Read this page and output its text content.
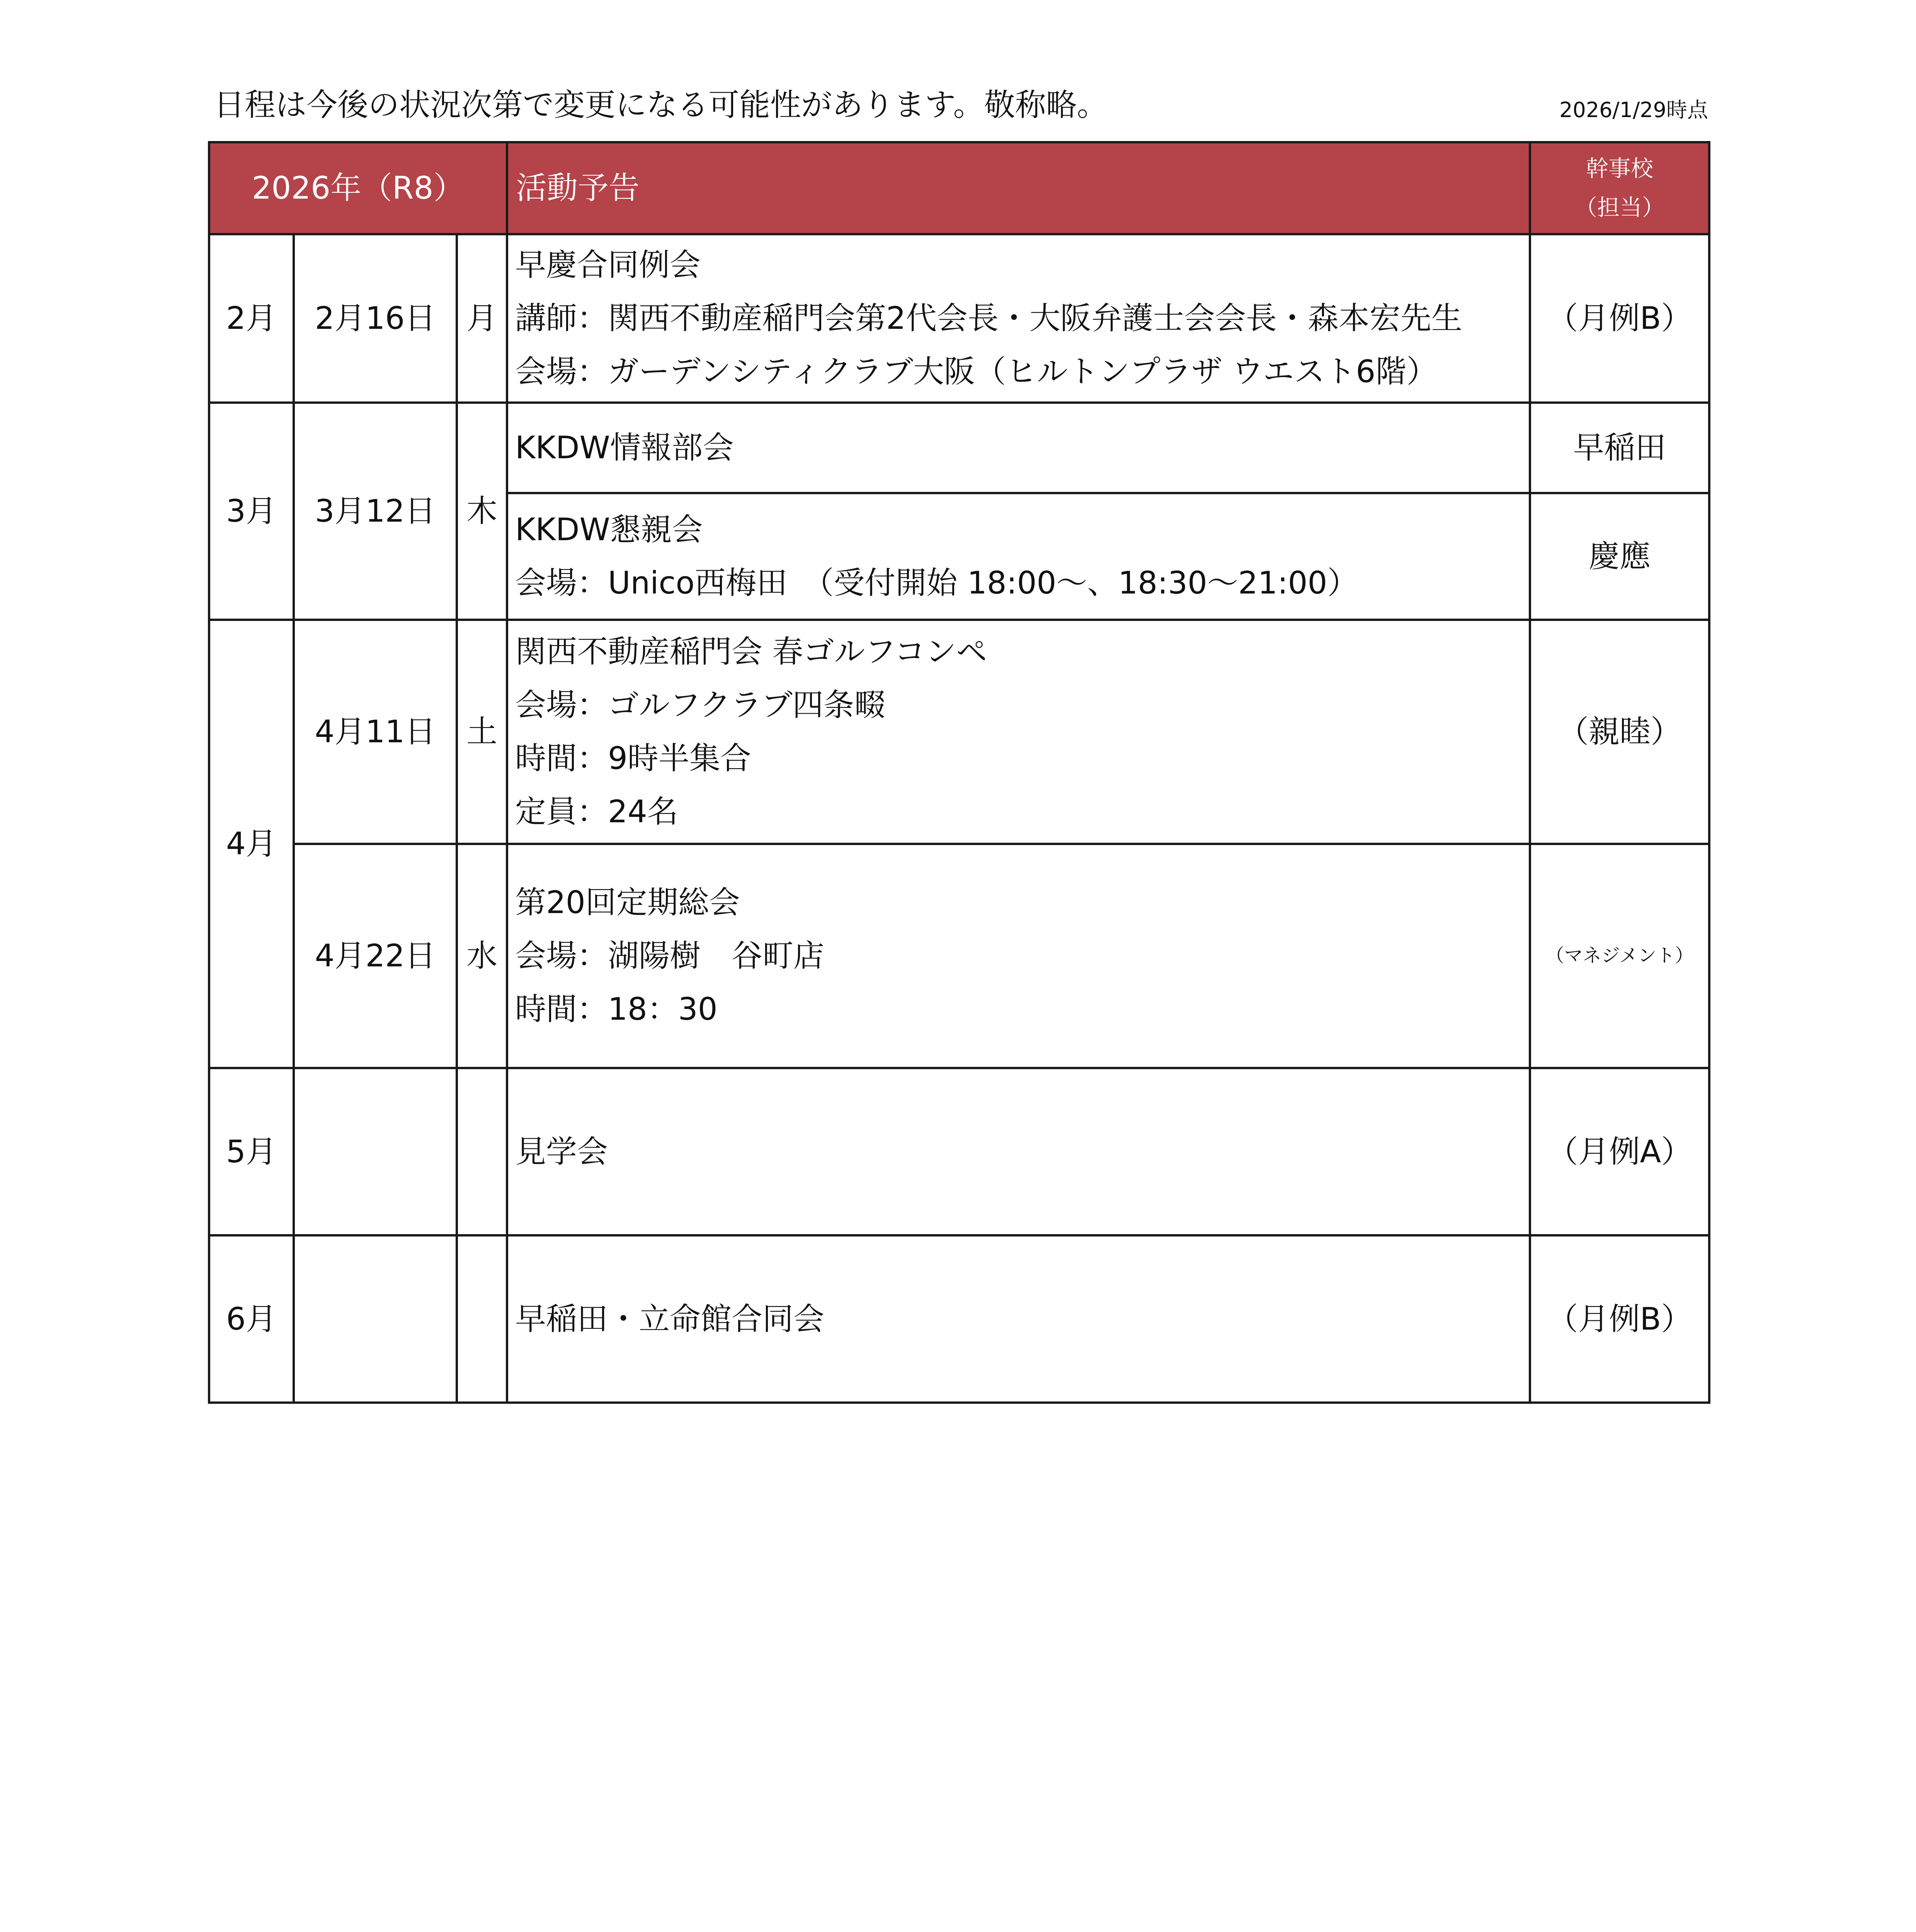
日程は今後の状況次第で変更になる可能性があります。敬称略。	2026/1/29時点
2026年（R8）			活動予告	幹事校
（担当）

2月	2月16日	月	早慶合同例会
講師：関西不動産稲門会第2代会長・大阪弁護士会会長・森本宏先生
会場：ガーデンシティクラブ大阪（ヒルトンプラザ ウエスト6階）	（月例B）
3月	3月12日	木	KKDW情報部会	早稲田

			KKDW懇親会
会場：Unico西梅田　（受付開始 18:00～、18:30～21:00）	慶應
4月	4月11日	土	関西不動産稲門会 春ゴルフコンペ
会場：ゴルフクラブ四条畷
時間：9時半集合
定員：24名	（親睦）
	4月22日	水	第20回定期総会
会場：湖陽樹　谷町店
時間：18：30	（マネジメント）
5月			見学会	（月例A）
6月			早稲田・立命館合同会	（月例B）
